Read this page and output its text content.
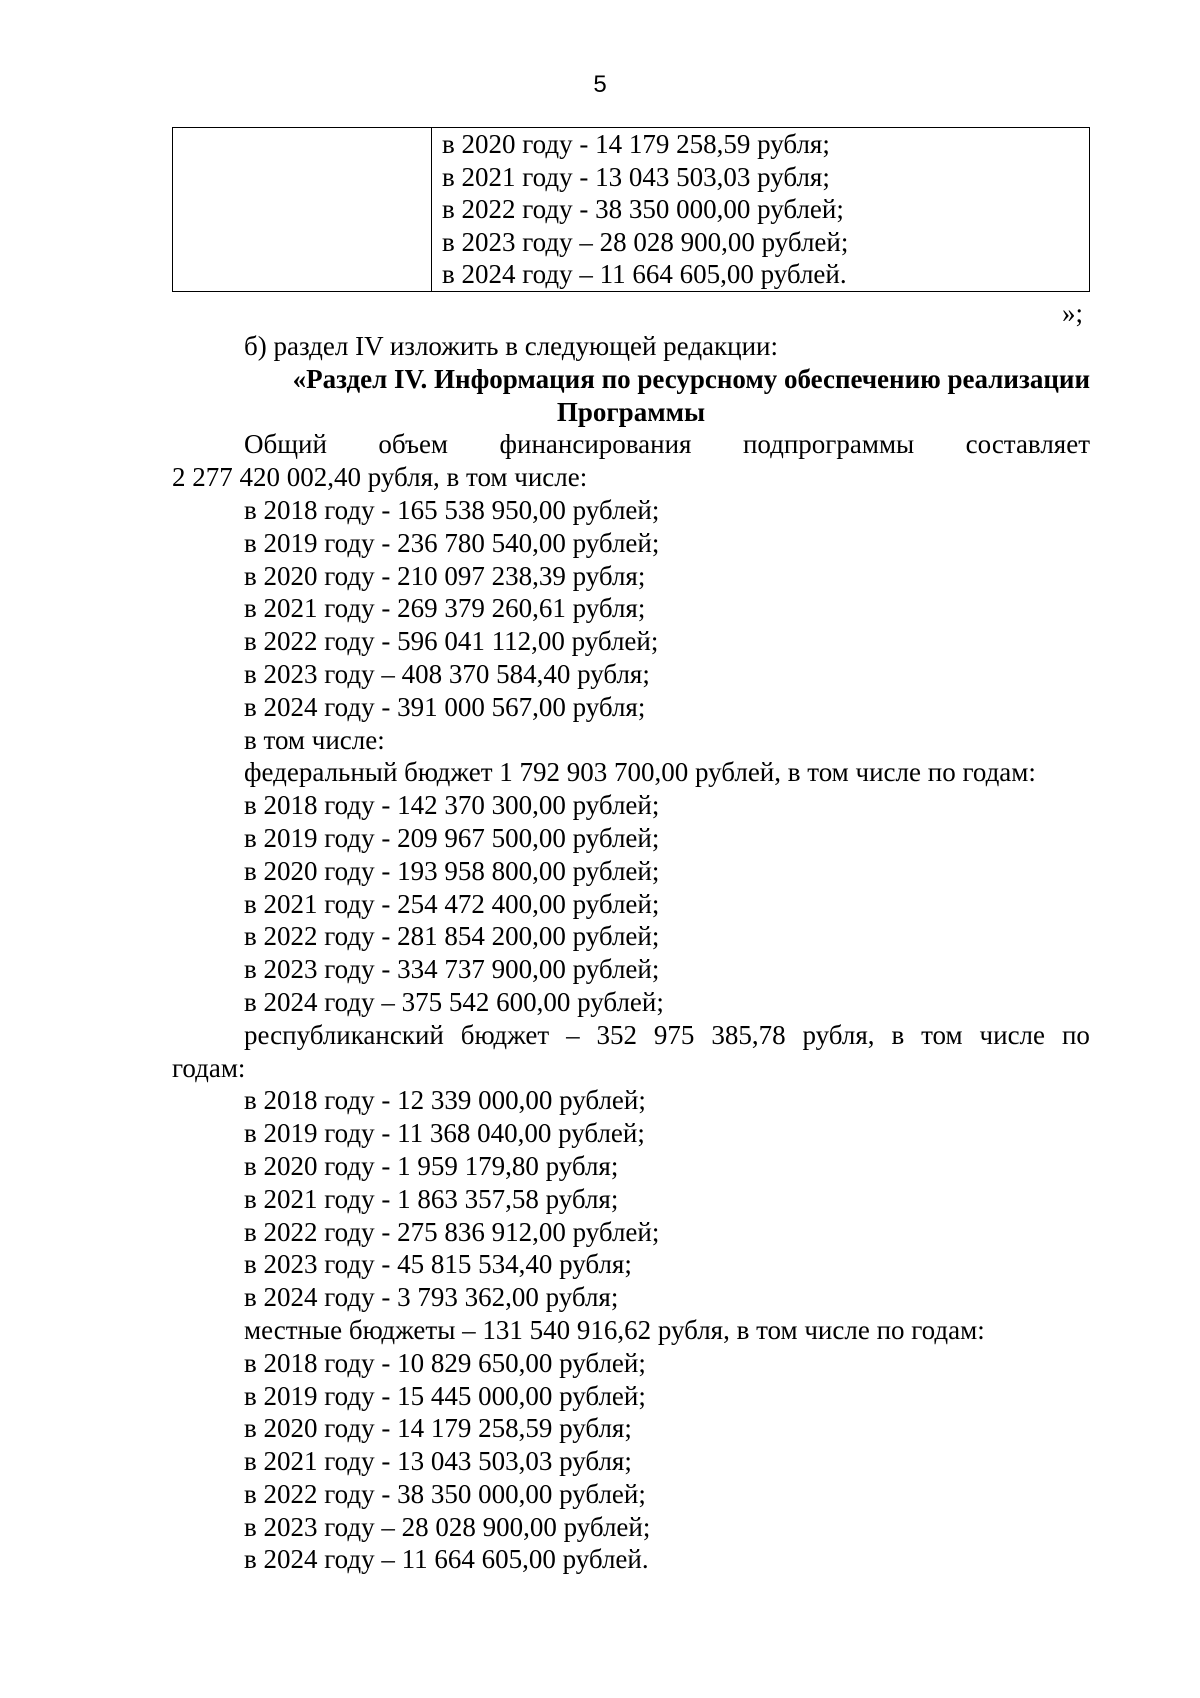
5
в 2020 году - 14 179 258,59 рубля;
в 2021 году - 13 043 503,03 рубля;
в 2022 году - 38 350 000,00 рублей;
в 2023 году – 28 028 900,00 рублей;
в 2024 году – 11 664 605,00 рублей.
»;
б) раздел IV изложить в следующей редакции:
«Раздел IV. Информация по ресурсному обеспечению реализации
Программы
Общий объем финансирования подпрограммы составляет
2 277 420 002,40 рубля, в том числе:
в 2018 году - 165 538 950,00 рублей;
в 2019 году - 236 780 540,00 рублей;
в 2020 году - 210 097 238,39 рубля;
в 2021 году - 269 379 260,61 рубля;
в 2022 году - 596 041 112,00 рублей;
в 2023 году – 408 370 584,40 рубля;
в 2024 году - 391 000 567,00 рубля;
в том числе:
федеральный бюджет 1 792 903 700,00 рублей, в том числе по годам:
в 2018 году - 142 370 300,00 рублей;
в 2019 году - 209 967 500,00 рублей;
в 2020 году - 193 958 800,00 рублей;
в 2021 году - 254 472 400,00 рублей;
в 2022 году - 281 854 200,00 рублей;
в 2023 году - 334 737 900,00 рублей;
в 2024 году – 375 542 600,00 рублей;
республиканский бюджет – 352 975 385,78 рубля, в том числе по
годам:
в 2018 году - 12 339 000,00 рублей;
в 2019 году - 11 368 040,00 рублей;
в 2020 году - 1 959 179,80 рубля;
в 2021 году - 1 863 357,58 рубля;
в 2022 году - 275 836 912,00 рублей;
в 2023 году - 45 815 534,40 рубля;
в 2024 году - 3 793 362,00 рубля;
местные бюджеты – 131 540 916,62 рубля, в том числе по годам:
в 2018 году - 10 829 650,00 рублей;
в 2019 году - 15 445 000,00 рублей;
в 2020 году - 14 179 258,59 рубля;
в 2021 году - 13 043 503,03 рубля;
в 2022 году - 38 350 000,00 рублей;
в 2023 году – 28 028 900,00 рублей;
в 2024 году – 11 664 605,00 рублей.
